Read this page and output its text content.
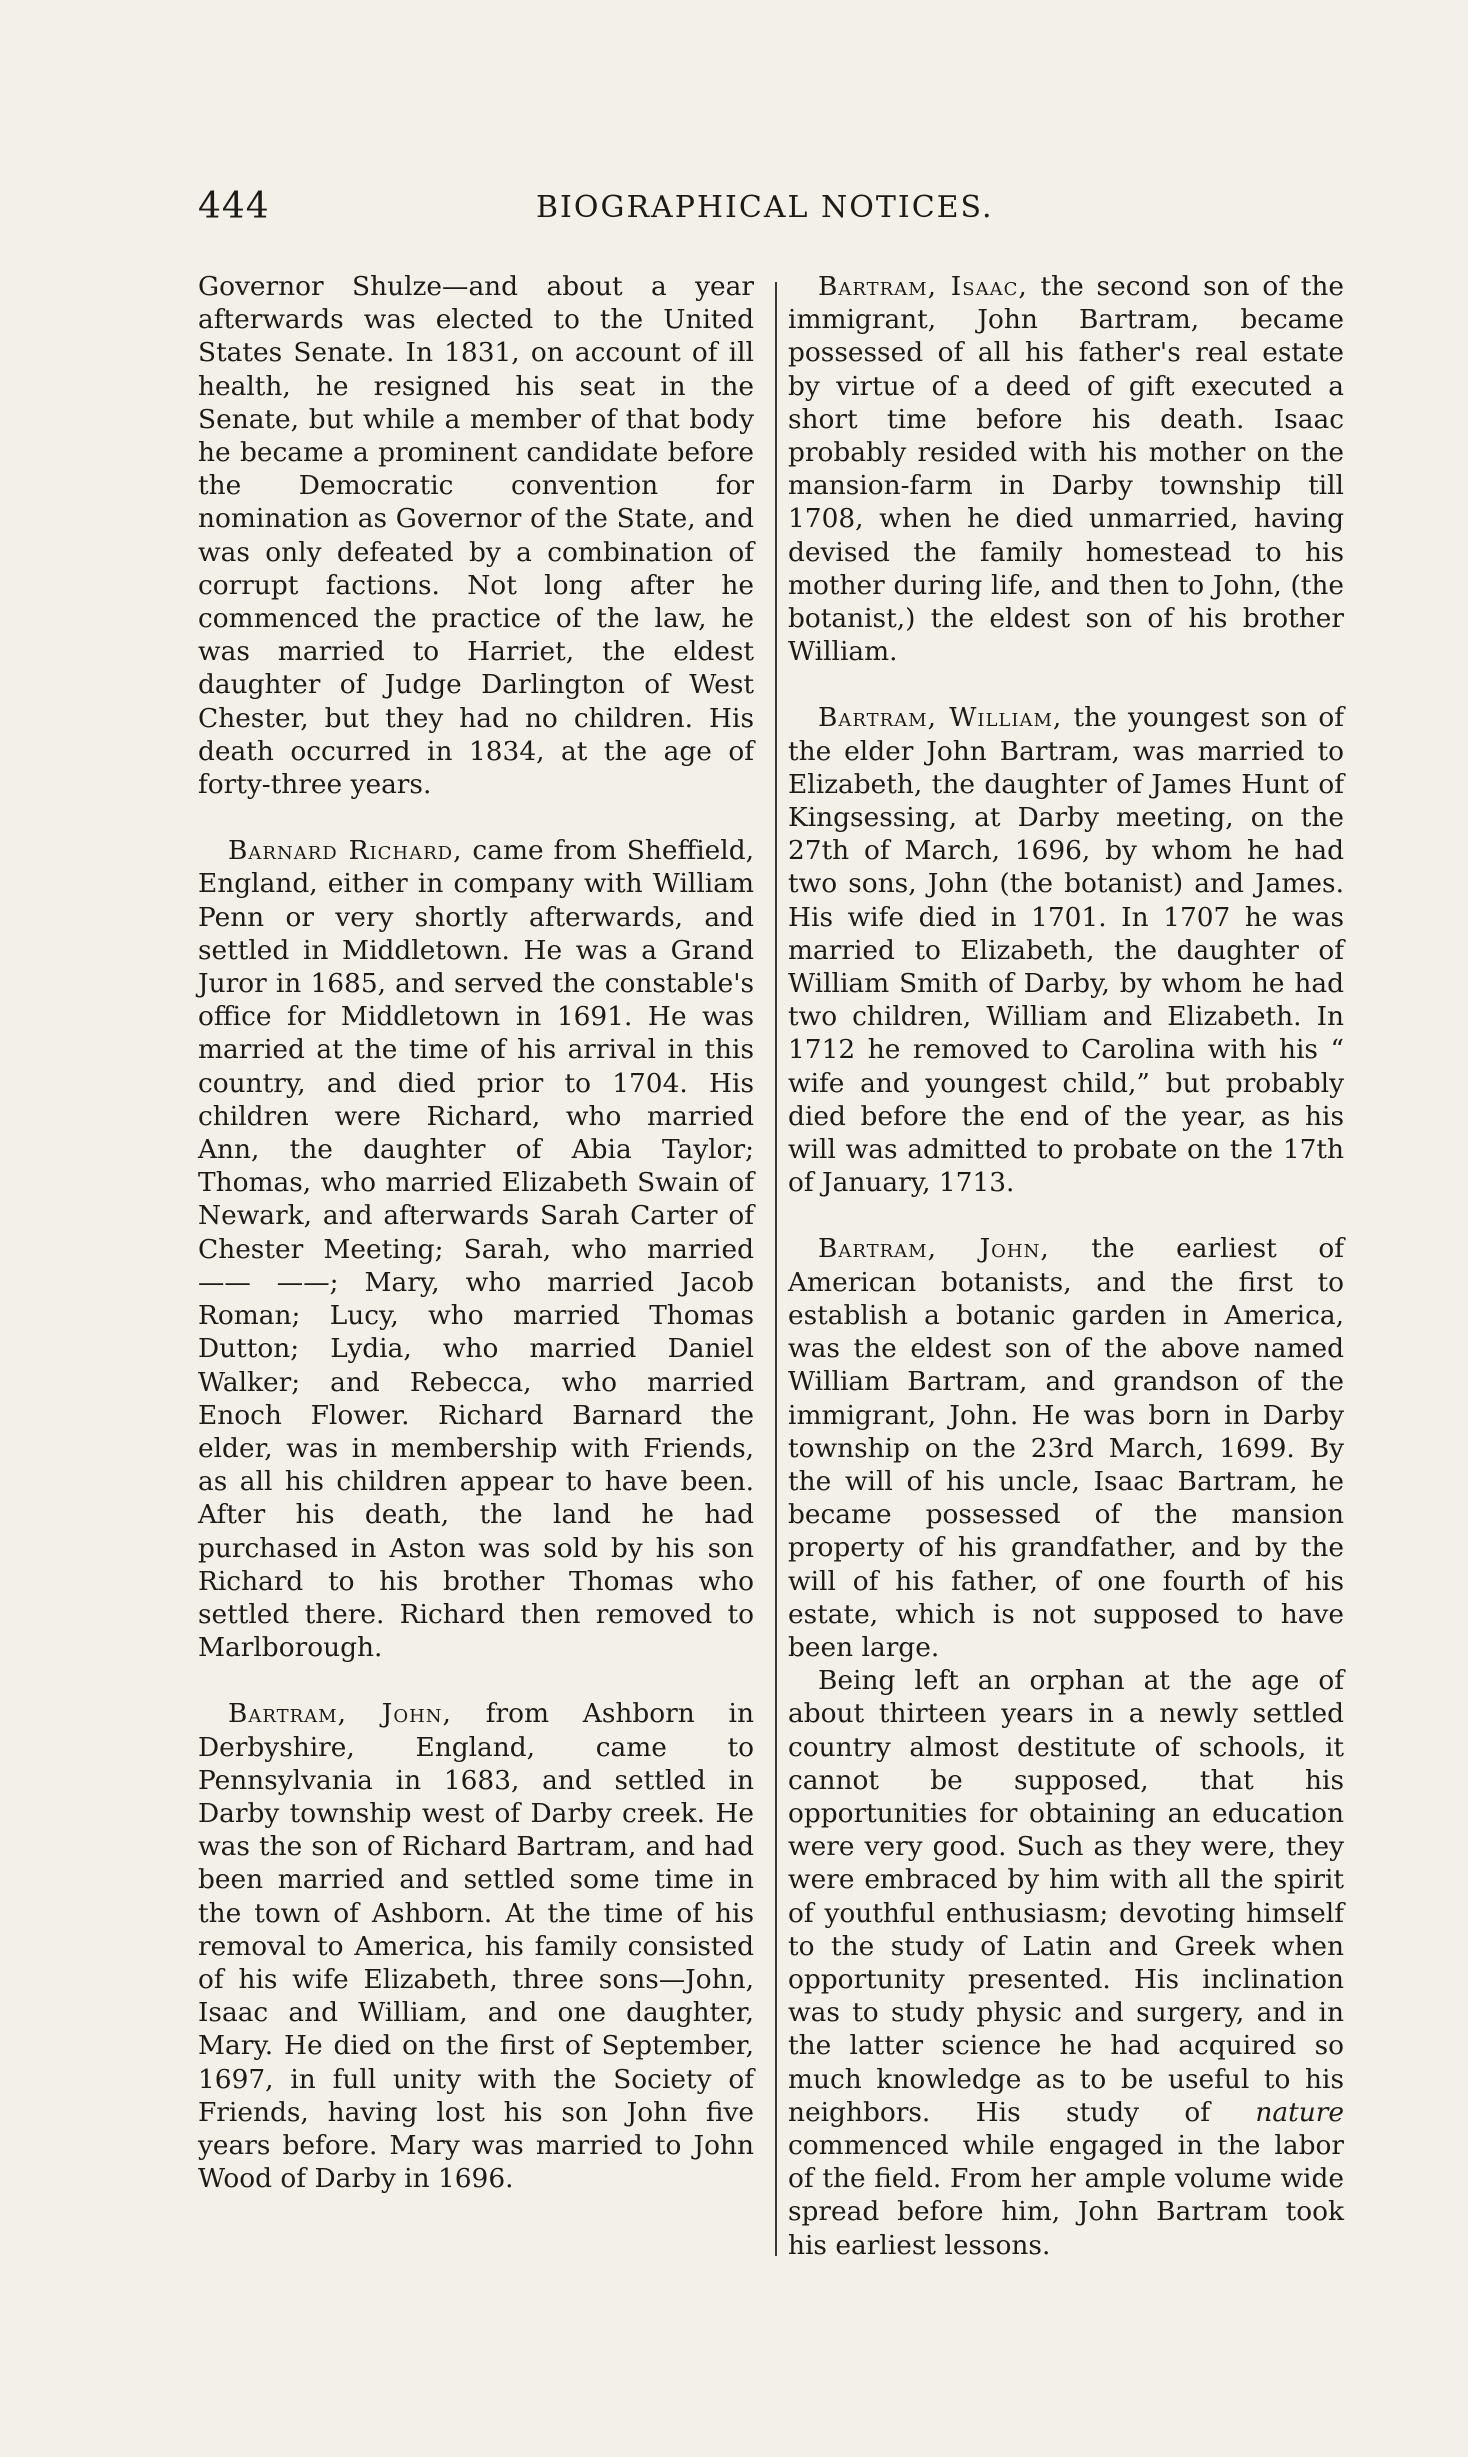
444	BIOGRAPHICAL NOTICES.

Governor Shulze—and about a year afterwards was elected to the United States Senate. In 1831, on account of ill health, he resigned his seat in the Senate, but while a member of that body he became a prominent candidate before the Democratic convention for nomination as Governor of the State, and was only defeated by a combination of corrupt factions. Not long after he commenced the practice of the law, he was married to Harriet, the eldest daughter of Judge Darlington of West Chester, but they had no children. His death occurred in 1834, at the age of forty-three years.

Barnard Richard, came from Sheffield, England, either in company with William Penn or very shortly afterwards, and settled in Middletown. He was a Grand Juror in 1685, and served the constable's office for Middletown in 1691. He was married at the time of his arrival in this country, and died prior to 1704. His children were Richard, who married Ann, the daughter of Abia Taylor; Thomas, who married Elizabeth Swain of Newark, and afterwards Sarah Carter of Chester Meeting; Sarah, who married —— ——; Mary, who married Jacob Roman; Lucy, who married Thomas Dutton; Lydia, who married Daniel Walker; and Rebecca, who married Enoch Flower. Richard Barnard the elder, was in membership with Friends, as all his children appear to have been. After his death, the land he had purchased in Aston was sold by his son Richard to his brother Thomas who settled there. Richard then removed to Marlborough.

Bartram, John, from Ashborn in Derbyshire, England, came to Pennsylvania in 1683, and settled in Darby township west of Darby creek. He was the son of Richard Bartram, and had been married and settled some time in the town of Ashborn. At the time of his removal to America, his family consisted of his wife Elizabeth, three sons—John, Isaac and William, and one daughter, Mary. He died on the first of September, 1697, in full unity with the Society of Friends, having lost his son John five years before. Mary was married to John Wood of Darby in 1696.

Bartram, Isaac, the second son of the immigrant, John Bartram, became possessed of all his father's real estate by virtue of a deed of gift executed a short time before his death. Isaac probably resided with his mother on the mansion-farm in Darby township till 1708, when he died unmarried, having devised the family homestead to his mother during life, and then to John, (the botanist,) the eldest son of his brother William.

Bartram, William, the youngest son of the elder John Bartram, was married to Elizabeth, the daughter of James Hunt of Kingsessing, at Darby meeting, on the 27th of March, 1696, by whom he had two sons, John (the botanist) and James. His wife died in 1701. In 1707 he was married to Elizabeth, the daughter of William Smith of Darby, by whom he had two children, William and Elizabeth. In 1712 he removed to Carolina with his “ wife and youngest child,” but probably died before the end of the year, as his will was admitted to probate on the 17th of January, 1713.

Bartram, John, the earliest of American botanists, and the first to establish a botanic garden in America, was the eldest son of the above named William Bartram, and grandson of the immigrant, John. He was born in Darby township on the 23rd March, 1699. By the will of his uncle, Isaac Bartram, he became possessed of the mansion property of his grandfather, and by the will of his father, of one fourth of his estate, which is not supposed to have been large.

Being left an orphan at the age of about thirteen years in a newly settled country almost destitute of schools, it cannot be supposed, that his opportunities for obtaining an education were very good. Such as they were, they were embraced by him with all the spirit of youthful enthusiasm; devoting himself to the study of Latin and Greek when opportunity presented. His inclination was to study physic and surgery, and in the latter science he had acquired so much knowledge as to be useful to his neighbors. His study of nature commenced while engaged in the labor of the field. From her ample volume wide spread before him, John Bartram took his earliest lessons.
